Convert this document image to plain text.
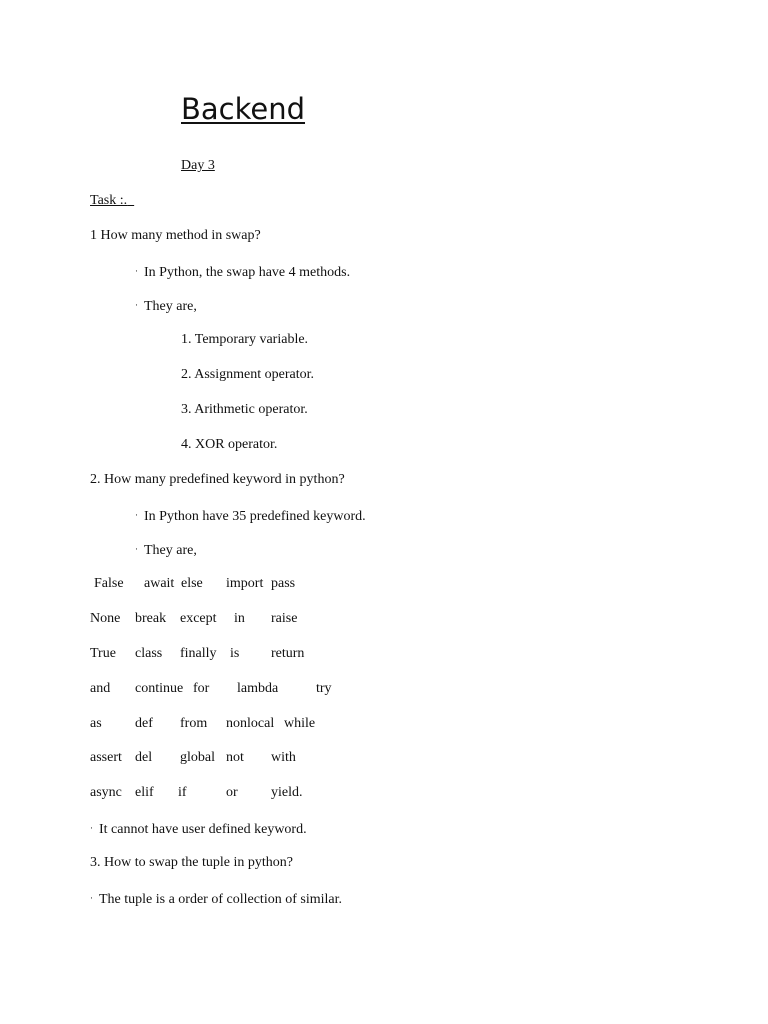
Backend
Day 3
Task :.
1 How many method in swap?
· In Python, the swap have 4 methods.
· They are,
1. Temporary variable.
2. Assignment operator.
3. Arithmetic operator.
4. XOR operator.
2. How many predefined keyword in python?
· In Python have 35 predefined keyword.
· They are,
False await else import pass
None break except in raise
True class finally is return
and continue for lambda	try
as def from nonlocal while
assert del global not with
async elif if	or yield.
· It cannot have user defined keyword.
3. How to swap the tuple in python?
· The tuple is a order of collection of similar.
